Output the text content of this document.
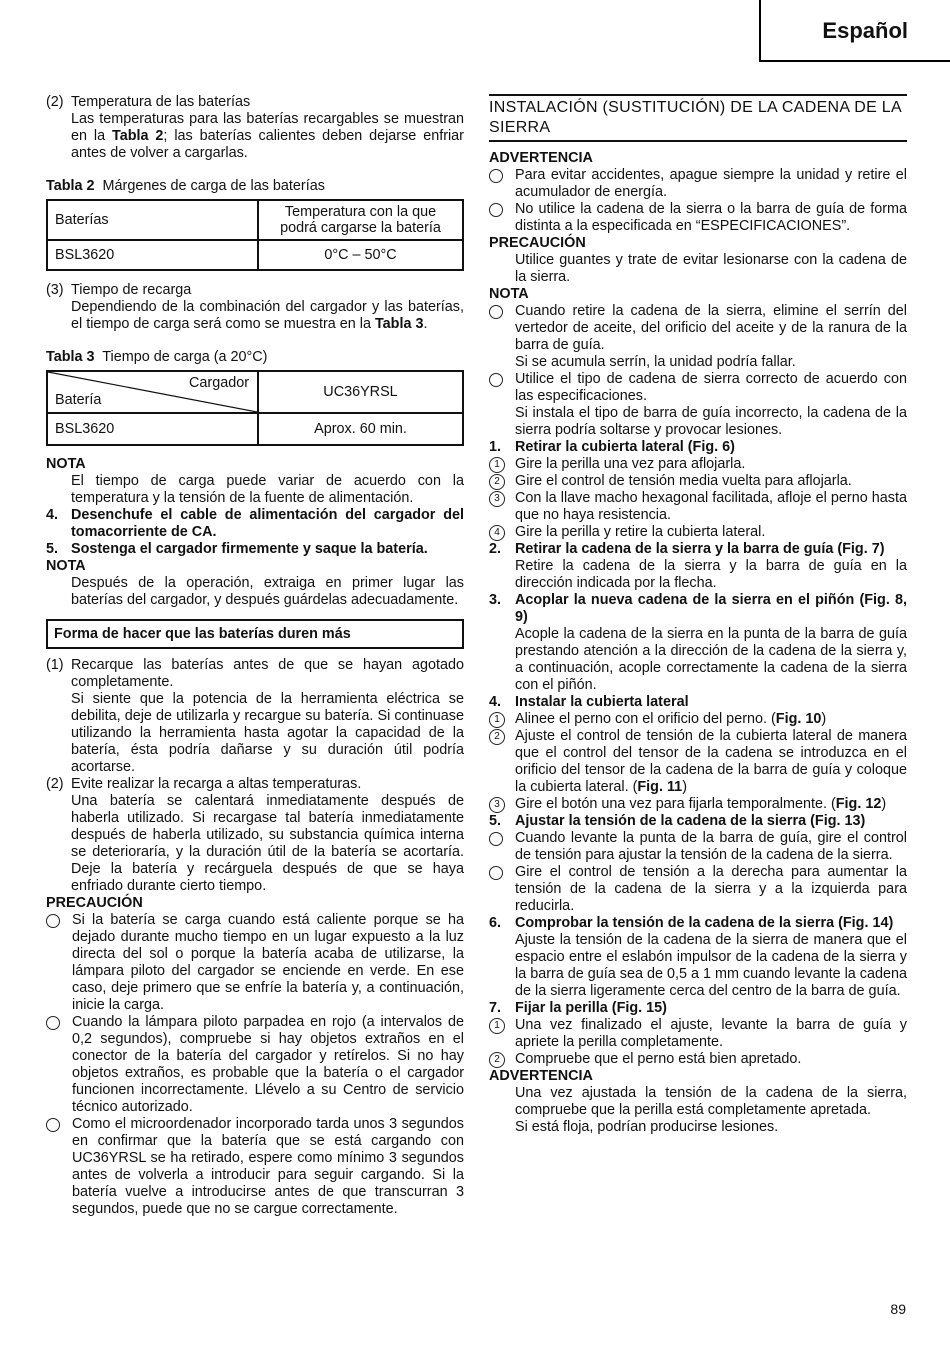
Español
(2) Temperatura de las baterías

Las temperaturas para las baterías recargables se muestran en la Tabla 2; las baterías calientes deben dejarse enfriar antes de volver a cargarlas.

Tabla 2 Márgenes de carga de las baterías
Baterías	Temperatura con la que podrá cargarse la batería
BSL3620	0°C – 50°C
(3) Tiempo de recarga

Dependiendo de la combinación del cargador y las baterías, el tiempo de carga será como se muestra en la Tabla 3.

Tabla 3 Tiempo de carga (a 20°C)
Cargador
Batería	UC36YRSL
BSL3620	Aprox. 60 min.
NOTA

El tiempo de carga puede variar de acuerdo con la temperatura y la tensión de la fuente de alimentación.

4. Desenchufe el cable de alimentación del cargador del tomacorriente de CA.
5. Sostenga el cargador firmemente y saque la batería.
NOTA

Después de la operación, extraiga en primer lugar las baterías del cargador, y después guárdelas adecuadamente.

Forma de hacer que las baterías duren más
(1) Recarque las baterías antes de que se hayan agotado completamente.

Si siente que la potencia de la herramienta eléctrica se debilita, deje de utilizarla y recargue su batería. Si continuase utilizando la herramienta hasta agotar la capacidad de la batería, ésta podría dañarse y su duración útil podría acortarse.

(2) Evite realizar la recarga a altas temperaturas.

Una batería se calentará inmediatamente después de haberla utilizado. Si recargase tal batería inmediatamente después de haberla utilizado, su substancia química interna se deterioraría, y la duración útil de la batería se acortaría. Deje la batería y recárguela después de que se haya enfriado durante cierto tiempo.

PRECAUCIÓN
Si la batería se carga cuando está caliente porque se ha dejado durante mucho tiempo en un lugar expuesto a la luz directa del sol o porque la batería acaba de utilizarse, la lámpara piloto del cargador se enciende en verde. En ese caso, deje primero que se enfríe la batería y, a continuación, inicie la carga.
Cuando la lámpara piloto parpadea en rojo (a intervalos de 0,2 segundos), compruebe si hay objetos extraños en el conector de la batería del cargador y retírelos. Si no hay objetos extraños, es probable que la batería o el cargador funcionen incorrectamente. Llévelo a su Centro de servicio técnico autorizado.
Como el microordenador incorporado tarda unos 3 segundos en confirmar que la batería que se está cargando con UC36YRSL se ha retirado, espere como mínimo 3 segundos antes de volverla a introducir para seguir cargando. Si la batería vuelve a introducirse antes de que transcurran 3 segundos, puede que no se cargue correctamente.
INSTALACIÓN (SUSTITUCIÓN) DE LA CADENA DE LA SIERRA
ADVERTENCIA
Para evitar accidentes, apague siempre la unidad y retire el acumulador de energía.
No utilice la cadena de la sierra o la barra de guía de forma distinta a la especificada en “ESPECIFICACIONES”.
PRECAUCIÓN

Utilice guantes y trate de evitar lesionarse con la cadena de la sierra.

NOTA
Cuando retire la cadena de la sierra, elimine el serrín del vertedor de aceite, del orificio del aceite y de la ranura de la barra de guía.

Si se acumula serrín, la unidad podría fallar.

Utilice el tipo de cadena de sierra correcto de acuerdo con las especificaciones.

Si instala el tipo de barra de guía incorrecto, la cadena de la sierra podría soltarse y provocar lesiones.

1. Retirar la cubierta lateral (Fig. 6)
1	Gire la perilla una vez para aflojarla.
2	Gire el control de tensión media vuelta para aflojarla.
3	Con la llave macho hexagonal facilitada, afloje el perno hasta que no haya resistencia.
4	Gire la perilla y retire la cubierta lateral.
2. Retirar la cadena de la sierra y la barra de guía (Fig. 7)

Retire la cadena de la sierra y la barra de guía en la dirección indicada por la flecha.

3. Acoplar la nueva cadena de la sierra en el piñón (Fig. 8, 9)

Acople la cadena de la sierra en la punta de la barra de guía prestando atención a la dirección de la cadena de la sierra y, a continuación, acople correctamente la cadena de la sierra con el piñón.

4. Instalar la cubierta lateral
1	Alinee el perno con el orificio del perno. (Fig. 10)
2	Ajuste el control de tensión de la cubierta lateral de manera que el control del tensor de la cadena se introduzca en el orificio del tensor de la cadena de la barra de guía y coloque la cubierta lateral. (Fig. 11)
3	Gire el botón una vez para fijarla temporalmente. (Fig. 12)
5. Ajustar la tensión de la cadena de la sierra (Fig. 13)
Cuando levante la punta de la barra de guía, gire el control de tensión para ajustar la tensión de la cadena de la sierra.
Gire el control de tensión a la derecha para aumentar la tensión de la cadena de la sierra y a la izquierda para reducirla.
6. Comprobar la tensión de la cadena de la sierra (Fig. 14)

Ajuste la tensión de la cadena de la sierra de manera que el espacio entre el eslabón impulsor de la cadena de la sierra y la barra de guía sea de 0,5 a 1 mm cuando levante la cadena de la sierra ligeramente cerca del centro de la barra de guía.

7. Fijar la perilla (Fig. 15)
1	Una vez finalizado el ajuste, levante la barra de guía y apriete la perilla completamente.
2	Compruebe que el perno está bien apretado.
ADVERTENCIA

Una vez ajustada la tensión de la cadena de la sierra, compruebe que la perilla está completamente apretada.

Si está floja, podrían producirse lesiones.

89
